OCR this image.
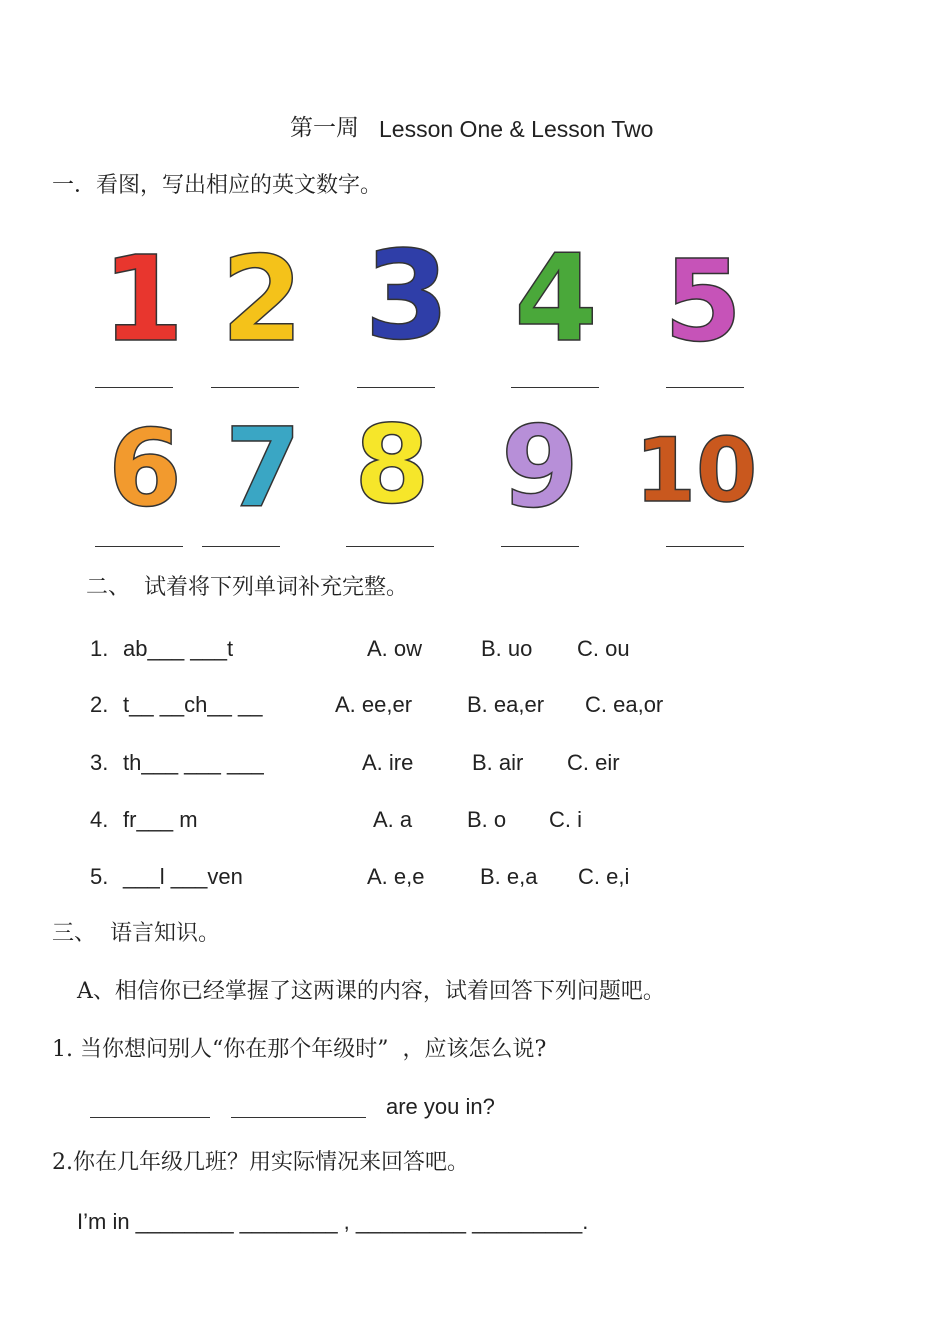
第一周 Lesson One & Lesson Two
一．看图，写出相应的英文数字。
1 2 3 4 5
6 7 8 9 10
二、  试着将下列单词补充完整。
1. ab___ ___t	A. ow	B. uo C. ou
2. t__ __ch__ __	A. ee,er B. ea,er C. ea,or
3. th___ ___ ___	A. ire	B. air C. eir
4. fr___ m	A. a B. o C. i
5. ___l ___ven	A. e,e	B. e,a C. e,i
三、  语言知识。
A、相信你已经掌握了这两课的内容，试着回答下列问题吧。
1. 当你想问别人“你在那个年级时”  ，应该怎么说?
are you in?
2.你在几年级几班？用实际情况来回答吧。
I’m in ________ ________ , _________ _________.
